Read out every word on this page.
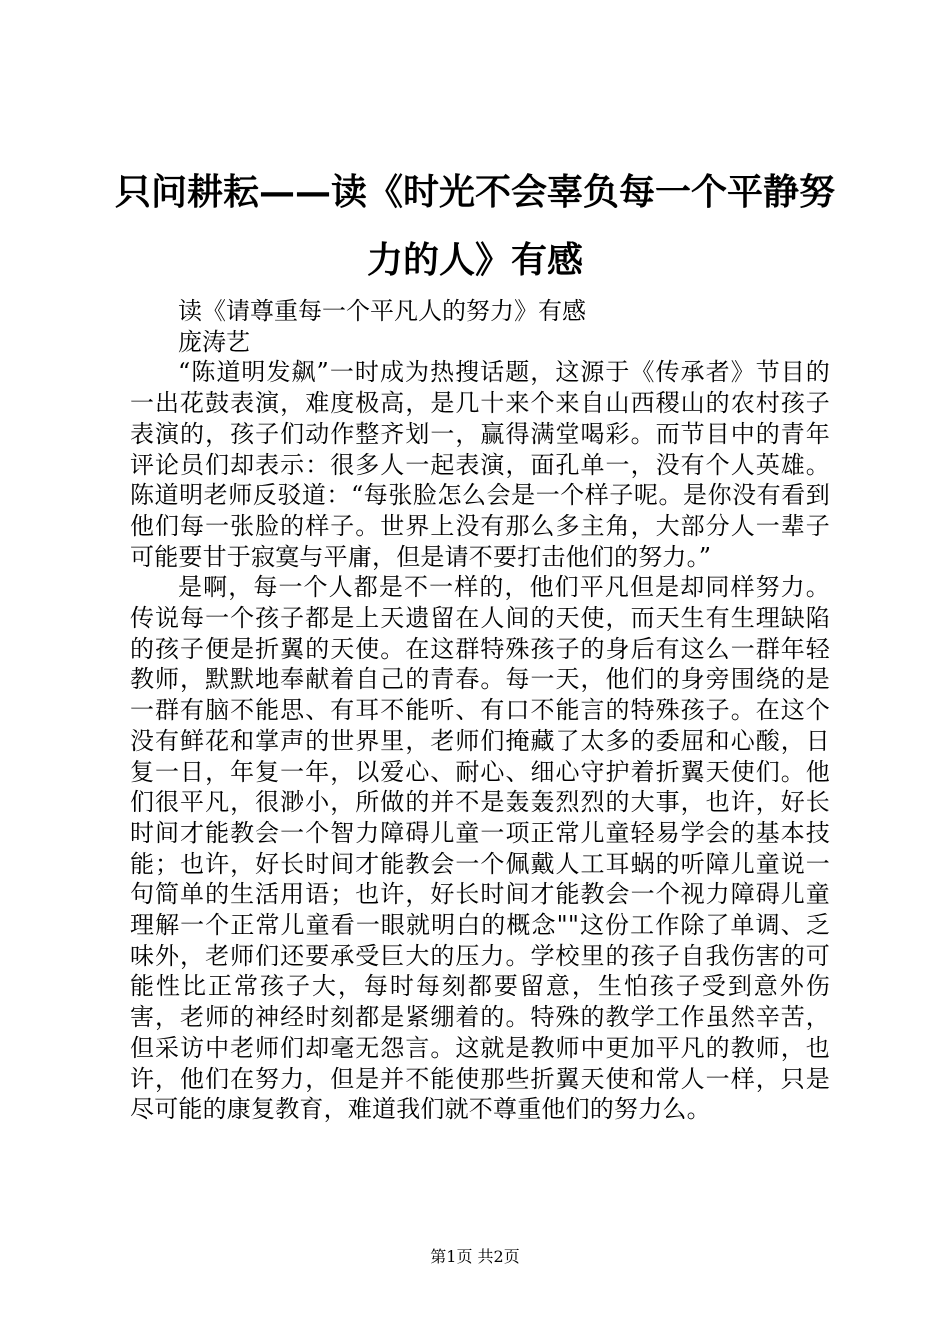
只问耕耘——读《时光不会辜负每一个平静努

力的人》有感

读《请尊重每一个平凡人的努力》有感

庞涛艺

“陈道明发飙”一时成为热搜话题，这源于《传承者》节目的一出花鼓表演，难度极高，是几十来个来自山西稷山的农村孩子表演的，孩子们动作整齐划一，赢得满堂喝彩。而节目中的青年评论员们却表示：很多人一起表演，面孔单一，没有个人英雄。陈道明老师反驳道：“每张脸怎么会是一个样子呢。是你没有看到他们每一张脸的样子。世界上没有那么多主角，大部分人一辈子可能要甘于寂寞与平庸，但是请不要打击他们的努力。”

是啊，每一个人都是不一样的，他们平凡但是却同样努力。传说每一个孩子都是上天遗留在人间的天使，而天生有生理缺陷的孩子便是折翼的天使。在这群特殊孩子的身后有这么一群年轻教师，默默地奉献着自己的青春。每一天，他们的身旁围绕的是一群有脑不能思、有耳不能听、有口不能言的特殊孩子。在这个没有鲜花和掌声的世界里，老师们掩藏了太多的委屈和心酸，日复一日，年复一年，以爱心、耐心、细心守护着折翼天使们。他们很平凡，很渺小，所做的并不是轰轰烈烈的大事，也许，好长时间才能教会一个智力障碍儿童一项正常儿童轻易学会的基本技能；也许，好长时间才能教会一个佩戴人工耳蜗的听障儿童说一句简单的生活用语；也许，好长时间才能教会一个视力障碍儿童理解一个正常儿童看一眼就明白的概念""这份工作除了单调、乏味外，老师们还要承受巨大的压力。学校里的孩子自我伤害的可能性比正常孩子大，每时每刻都要留意，生怕孩子受到意外伤害，老师的神经时刻都是紧绷着的。特殊的教学工作虽然辛苦，但采访中老师们却毫无怨言。这就是教师中更加平凡的教师，也许，他们在努力，但是并不能使那些折翼天使和常人一样，只是尽可能的康复教育，难道我们就不尊重他们的努力么。

第1页 共2页
